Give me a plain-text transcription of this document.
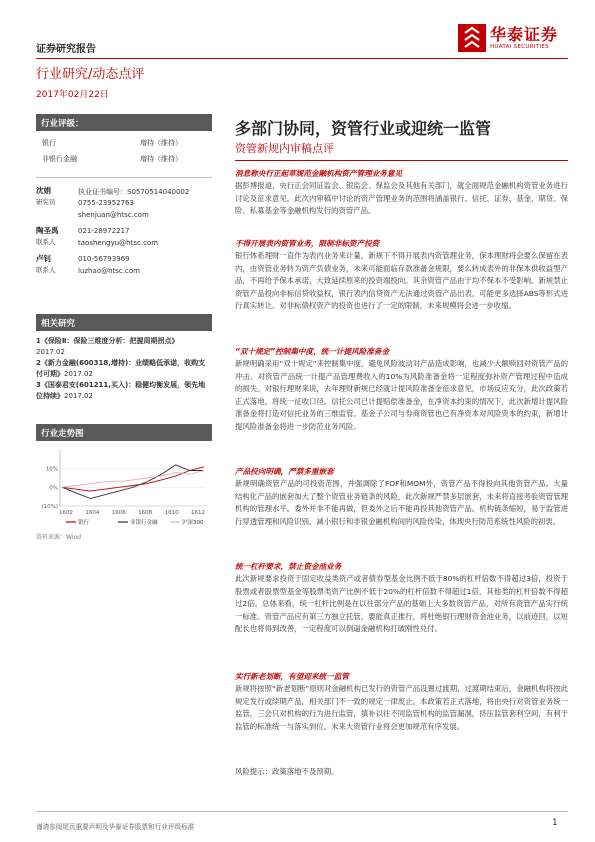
证券研究报告
华泰证券
HUATAI SECURITIES
行业研究/动态点评
2017年02月22日
行业评级：
银行	增持（维持）
非银行金融	增持（维持）
沈娟
研究员
执业证书编号：S0570514040002
0755-23952763
shenjuan@htsc.com
陶圣禹
联系人
021-28972217
taoshengyu@htsc.com
卢钊
联系人
010-56793969
luzhao@htsc.com
相关研究
1《保险Ⅱ：保险三维度分析：把握周期拐点》
2017.02
2《新力金融(600318,增持)：业绩略低承诺，收购支付可期》2017.02
3《国泰君安(601211,买入)：稳健均衡发展，领先地位持续》2017.02
行业走势图
10%
0%
(10%)
1602 1604 1606 1608 1610 1612
银行	非银行金融	沪深300
资料来源：Wind
多部门协同，资管行业或迎统一监管
资管新规内审稿点评
消息称央行正起草规范金融机构资产管理业务意见
据彭博报道，央行正会同证监会、银监会、保监会及其他有关部门，就全面规范金融机构资管业务进行讨论及征求意见。此次内审稿中讨论的资产管理业务的范围将涵盖银行、信托、证券、基金、期货、保险、私募基金等金融机构发行的资管产品。
不得开展表内资管业务，限制非标资产投资
银行体系理财一直作为表内业务来计量，新规下不得开展表内资管理业务，保本理财将会要么保留在表内，由资管业务转为资产负债业务，未来可能面临存款准备金规限，要么转成表外的非保本供收益型产品，不再给予保本承诺，大致延续原来的投资端投向。其余资管产品由于均不保本不受影响。新规禁止资管产品投向非标信贷收益权，银行表内信贷资产无法通过资管产品出表，可能更多选择ABS等形式进行真实转让。对非标债权资产的投资也进行了一定的限制，未来规模将会进一步收缩。
“双十规定”控制集中度，统一计提风险准备金
新规明确采用“双十规定”来控制集中度，避免风险波动对产品造成影响，也减少大额赎回对资管产品的冲击。对资管产品统一计提产品管理费收入的10%为风险准备金将一定程度弥补资产管理过程中造成的损失。对银行理财来说，去年理财新规已经就计提风险准备金征求意见，市场反应充分，此次政策若正式落地，将统一征收口径。信托公司已计提赔偿准备金，在净资本约束的情况下，此次新增计提风险准备金将打造对信托业务的三维监管。基金子公司与券商资管也已有净资本对风险资本的约束，新增计提风险准备金将进一步防范业务风险。
产品投向明确，严禁多重嵌套
新规明确资管产品的可投资范围，并强调除了FOF和MOM外，资管产品不得投向其他资管产品。大量结构化产品的嵌套加大了整个资管业务链条的风险，此次新规严禁多层嵌套，未来将直接考验资管管理机构的管理水平。委外并非不能再做，但委外之后不能再投其他资管产品。机构链条缩短，易于监管进行穿透管理和风险识别，减小银行和非银金融机构间的风险传染，体现央行防范系统性风险的初衷。
统一杠杆要求，禁止资金池业务
此次新规要求投资于固定收益类资产或者债券型基金比例不低于80%的杠杆倍数不得超过3倍，投资于股票或者股票型基金等股票类资产比例不低于20%的杠杆倍数不得超过1倍，其他类的杠杆倍数不得超过2倍。总体来看，统一杠杆比例是在以往部分产品的基础上大多数资管产品，对所有资管产品实行统一标准。资管产品应有第三方独立托管，要能真正推行，将杜绝银行理财资金池业务，以前迹回，以短配长也将得到改善，一定程度可以倒逼金融机构打破刚性兑付。
实行新老划断，有望迎来统一监管
新规将按照“新老划断”原则对金融机构已发行的资管产品设置过渡期，过渡期结束后，金融机构将按此规定发行或续期产品，相关部门不一致的规定一律废止。本政策若正式落地，将由央行对资管业务统一监管，三会只对机构的行为进行监管，填补以往不同监管机构的监管漏洞，挤压监管套利空间，有利于监管的标准统一与落实到位，未来大资管行业将会更加规范有序发展。
风险提示：政策落地不及预期。
谨请参阅尾页重要声明及华泰证券股票和行业评级标准	1
